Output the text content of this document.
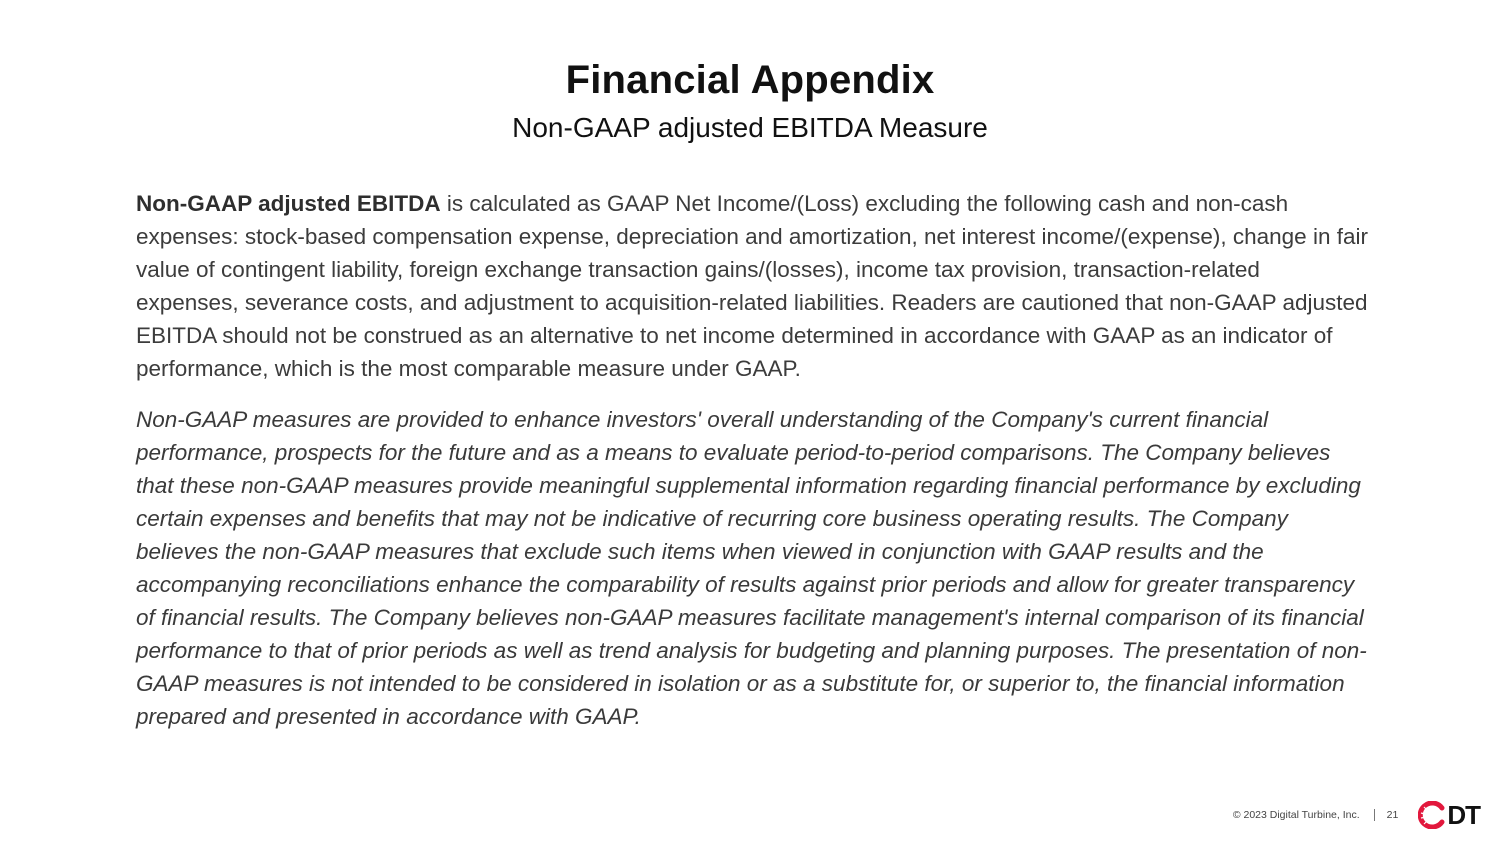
Financial Appendix
Non-GAAP adjusted EBITDA Measure

Non-GAAP adjusted EBITDA is calculated as GAAP Net Income/(Loss) excluding the following cash and non-cash expenses: stock-based compensation expense, depreciation and amortization, net interest income/(expense), change in fair value of contingent liability, foreign exchange transaction gains/(losses), income tax provision, transaction-related expenses, severance costs, and adjustment to acquisition-related liabilities. Readers are cautioned that non-GAAP adjusted EBITDA should not be construed as an alternative to net income determined in accordance with GAAP as an indicator of performance, which is the most comparable measure under GAAP.

Non-GAAP measures are provided to enhance investors' overall understanding of the Company's current financial performance, prospects for the future and as a means to evaluate period-to-period comparisons. The Company believes that these non-GAAP measures provide meaningful supplemental information regarding financial performance by excluding certain expenses and benefits that may not be indicative of recurring core business operating results. The Company believes the non-GAAP measures that exclude such items when viewed in conjunction with GAAP results and the accompanying reconciliations enhance the comparability of results against prior periods and allow for greater transparency of financial results. The Company believes non-GAAP measures facilitate management's internal comparison of its financial performance to that of prior periods as well as trend analysis for budgeting and planning purposes. The presentation of non-GAAP measures is not intended to be considered in isolation or as a substitute for, or superior to, the financial information prepared and presented in accordance with GAAP.

© 2023 Digital Turbine, Inc.	21 DT
